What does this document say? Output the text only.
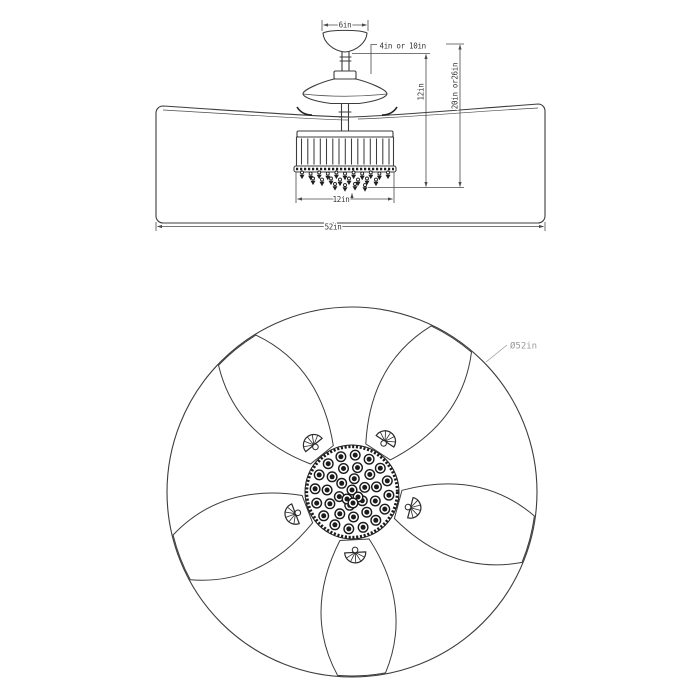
6in
4in or 10in
12in	20in or26in
12in
52in
Ø52in
